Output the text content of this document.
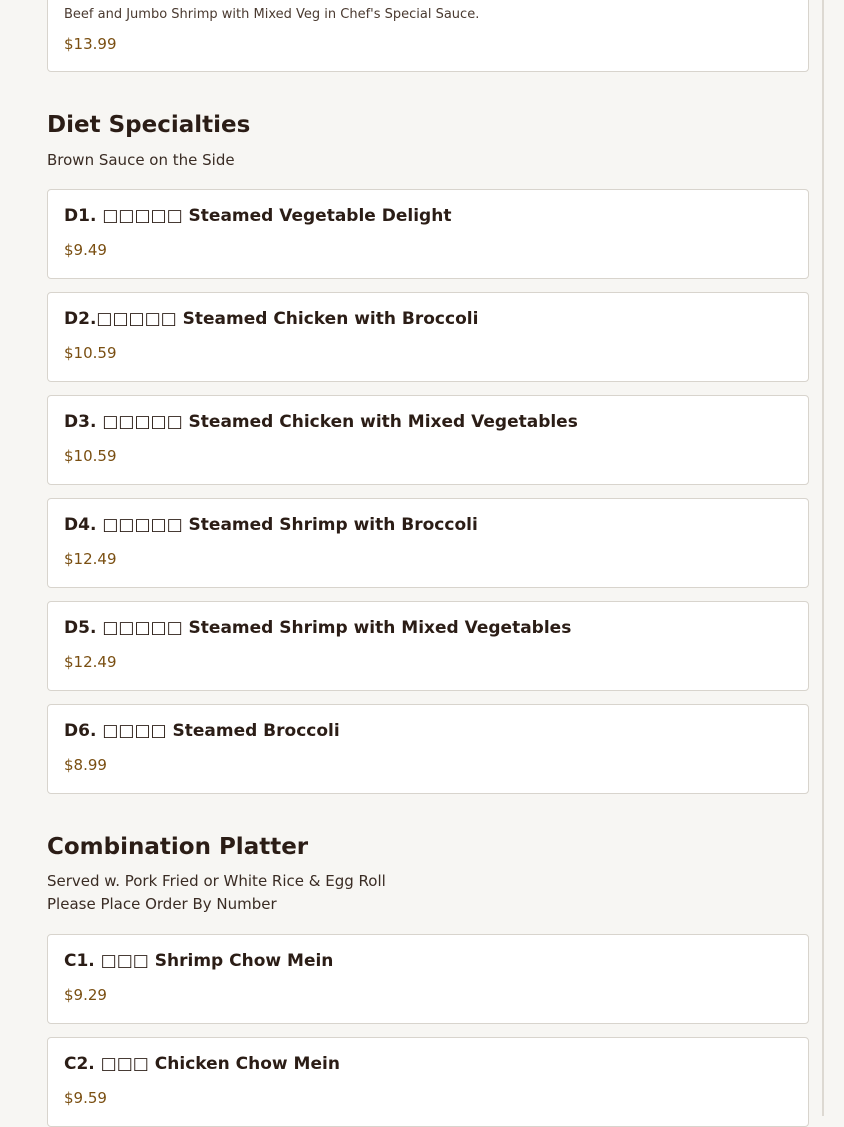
Beef and Jumbo Shrimp with Mixed Veg in Chef's Special Sauce.
$13.99
Diet Specialties
Brown Sauce on the Side
D1. □□□□□ Steamed Vegetable Delight
$9.49
D2.□□□□□ Steamed Chicken with Broccoli
$10.59
D3. □□□□□ Steamed Chicken with Mixed Vegetables
$10.59
D4. □□□□□ Steamed Shrimp with Broccoli
$12.49
D5. □□□□□ Steamed Shrimp with Mixed Vegetables
$12.49
D6. □□□□ Steamed Broccoli
$8.99
Combination Platter
Served w. Pork Fried or White Rice & Egg Roll
Please Place Order By Number
C1. □□□ Shrimp Chow Mein
$9.29
C2. □□□ Chicken Chow Mein
$9.59
